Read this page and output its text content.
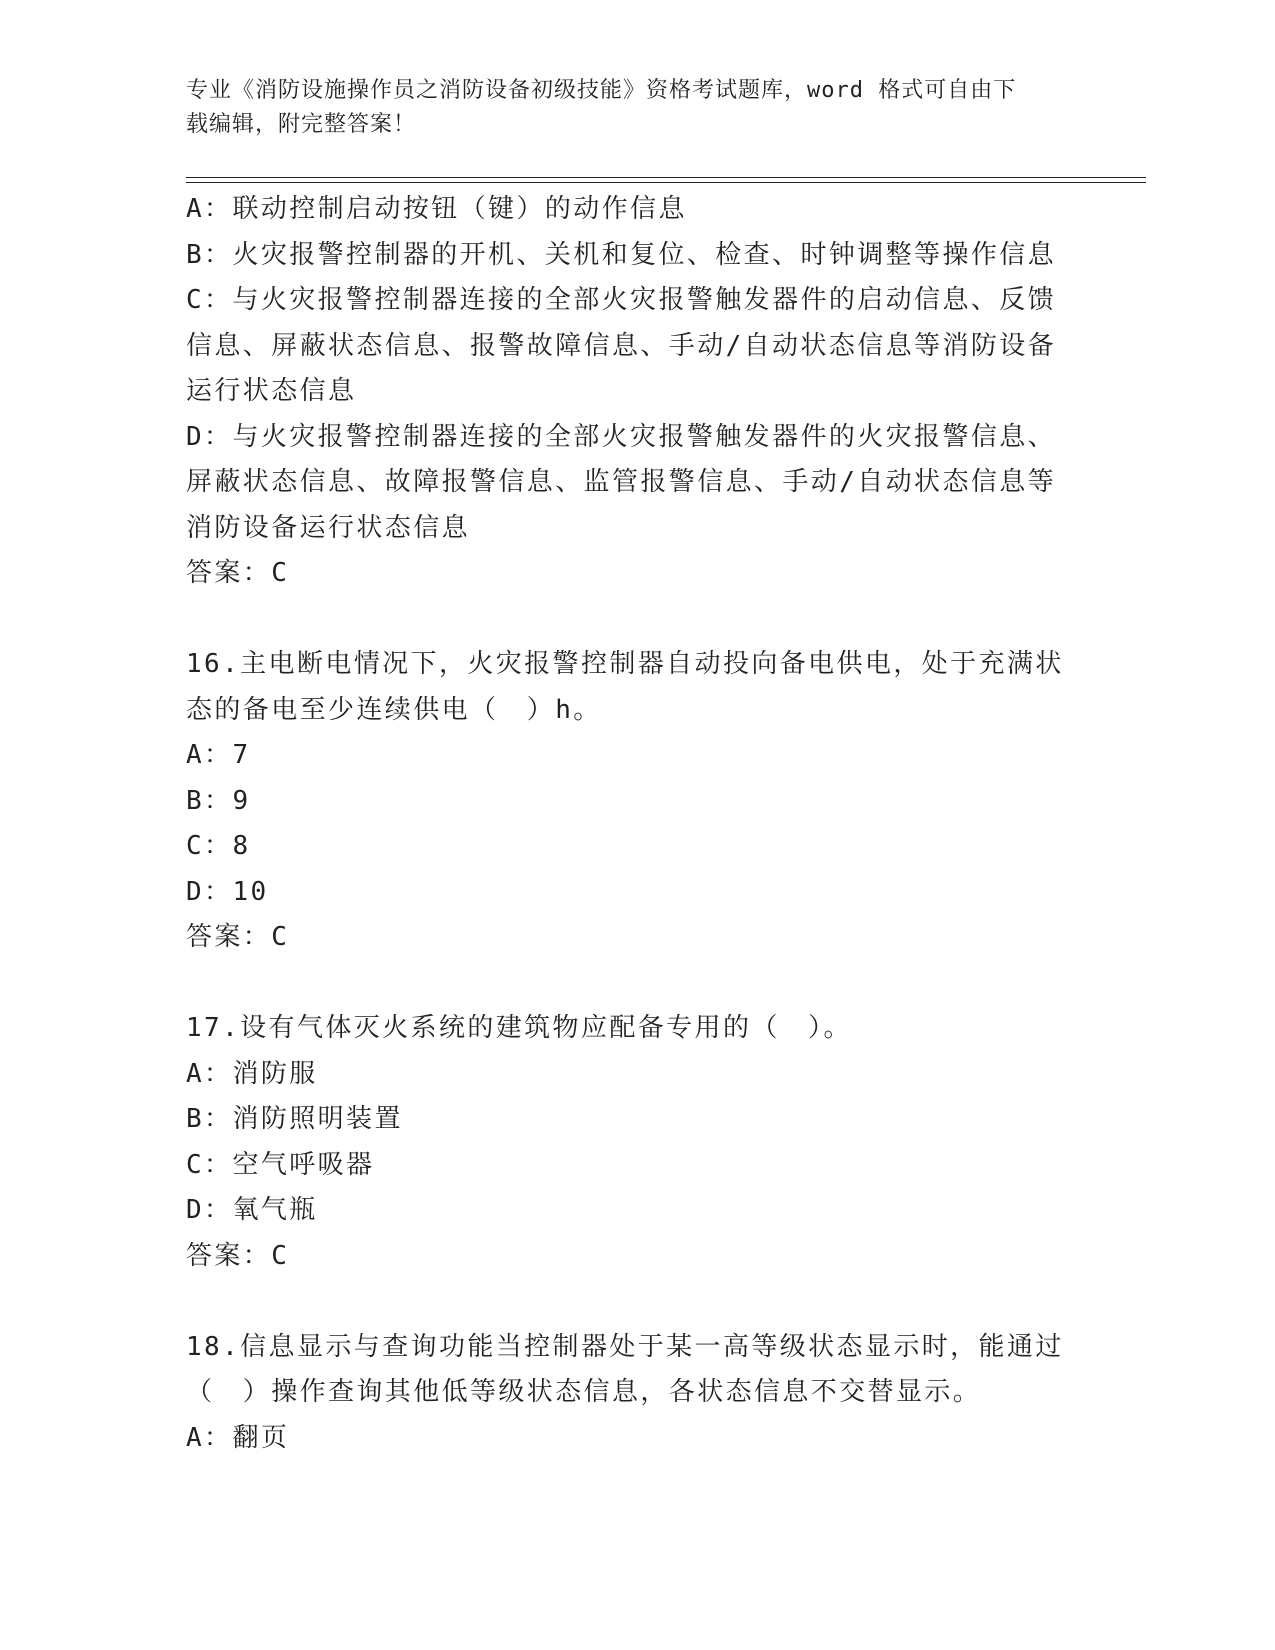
专业《消防设施操作员之消防设备初级技能》资格考试题库，word 格式可自由下
载编辑，附完整答案！
A：联动控制启动按钮（键）的动作信息
B：火灾报警控制器的开机、关机和复位、检查、时钟调整等操作信息
C：与火灾报警控制器连接的全部火灾报警触发器件的启动信息、反馈
信息、屏蔽状态信息、报警故障信息、手动/自动状态信息等消防设备
运行状态信息
D：与火灾报警控制器连接的全部火灾报警触发器件的火灾报警信息、
屏蔽状态信息、故障报警信息、监管报警信息、手动/自动状态信息等
消防设备运行状态信息
答案：C
16.主电断电情况下，火灾报警控制器自动投向备电供电，处于充满状
态的备电至少连续供电（　）h。
A：7
B：9
C：8
D：10
答案：C
17.设有气体灭火系统的建筑物应配备专用的（　）。
A：消防服
B：消防照明装置
C：空气呼吸器
D：氧气瓶
答案：C
18.信息显示与查询功能当控制器处于某一高等级状态显示时，能通过
（　）操作查询其他低等级状态信息，各状态信息不交替显示。
A：翻页
